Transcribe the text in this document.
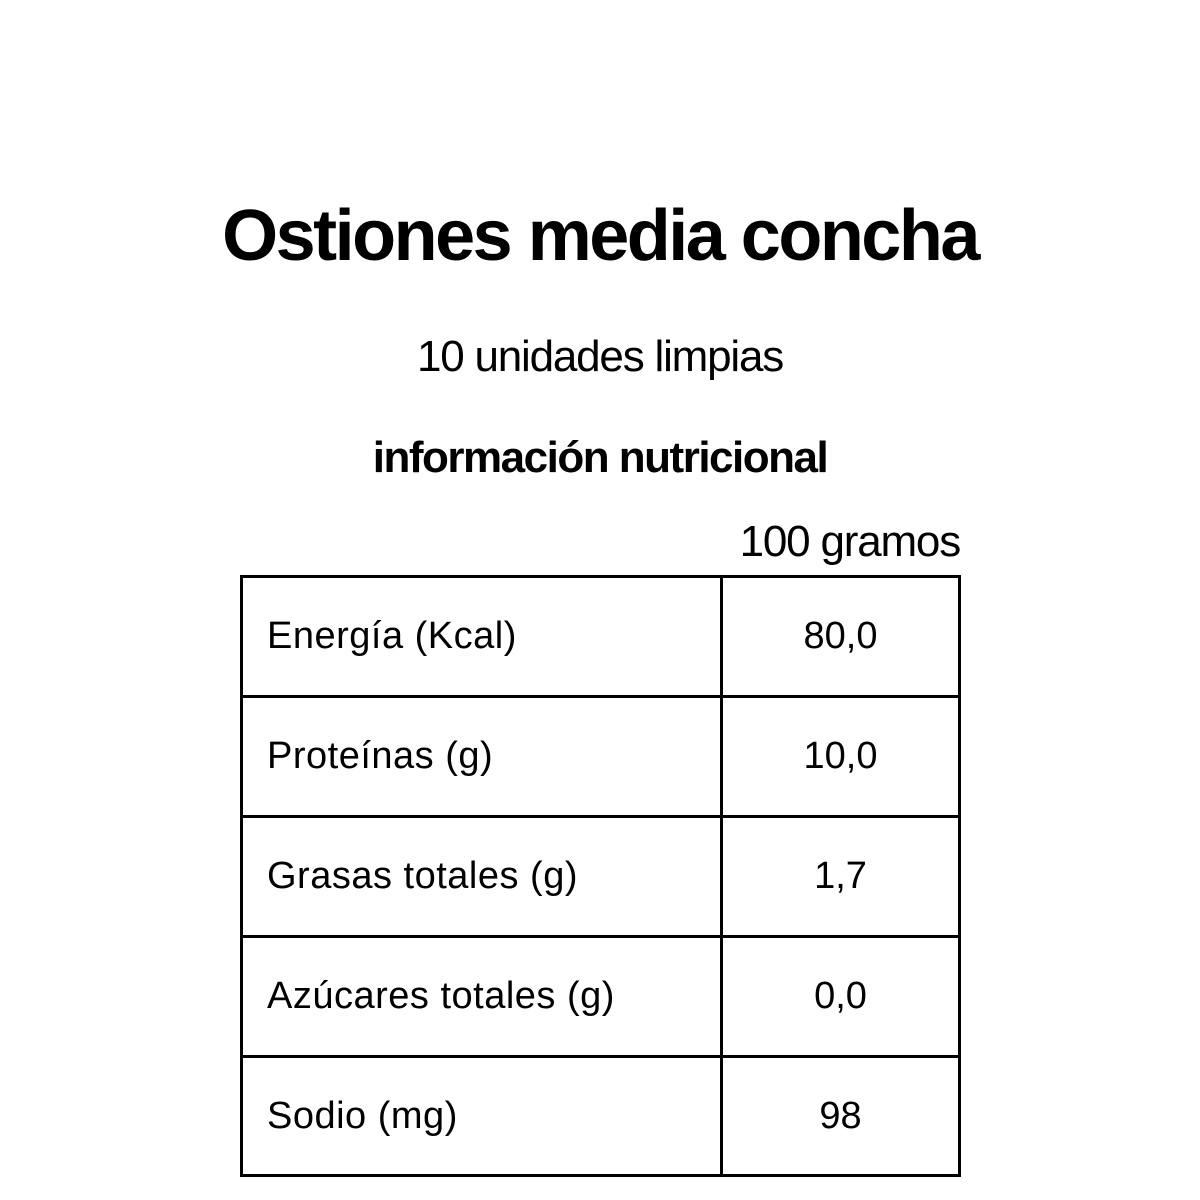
Ostiones media concha
10 unidades limpias
información nutricional
100 gramos
Energía (Kcal)	80,0
Proteínas (g)	10,0
Grasas totales (g)	1,7
Azúcares totales (g)	0,0
Sodio (mg)	98
